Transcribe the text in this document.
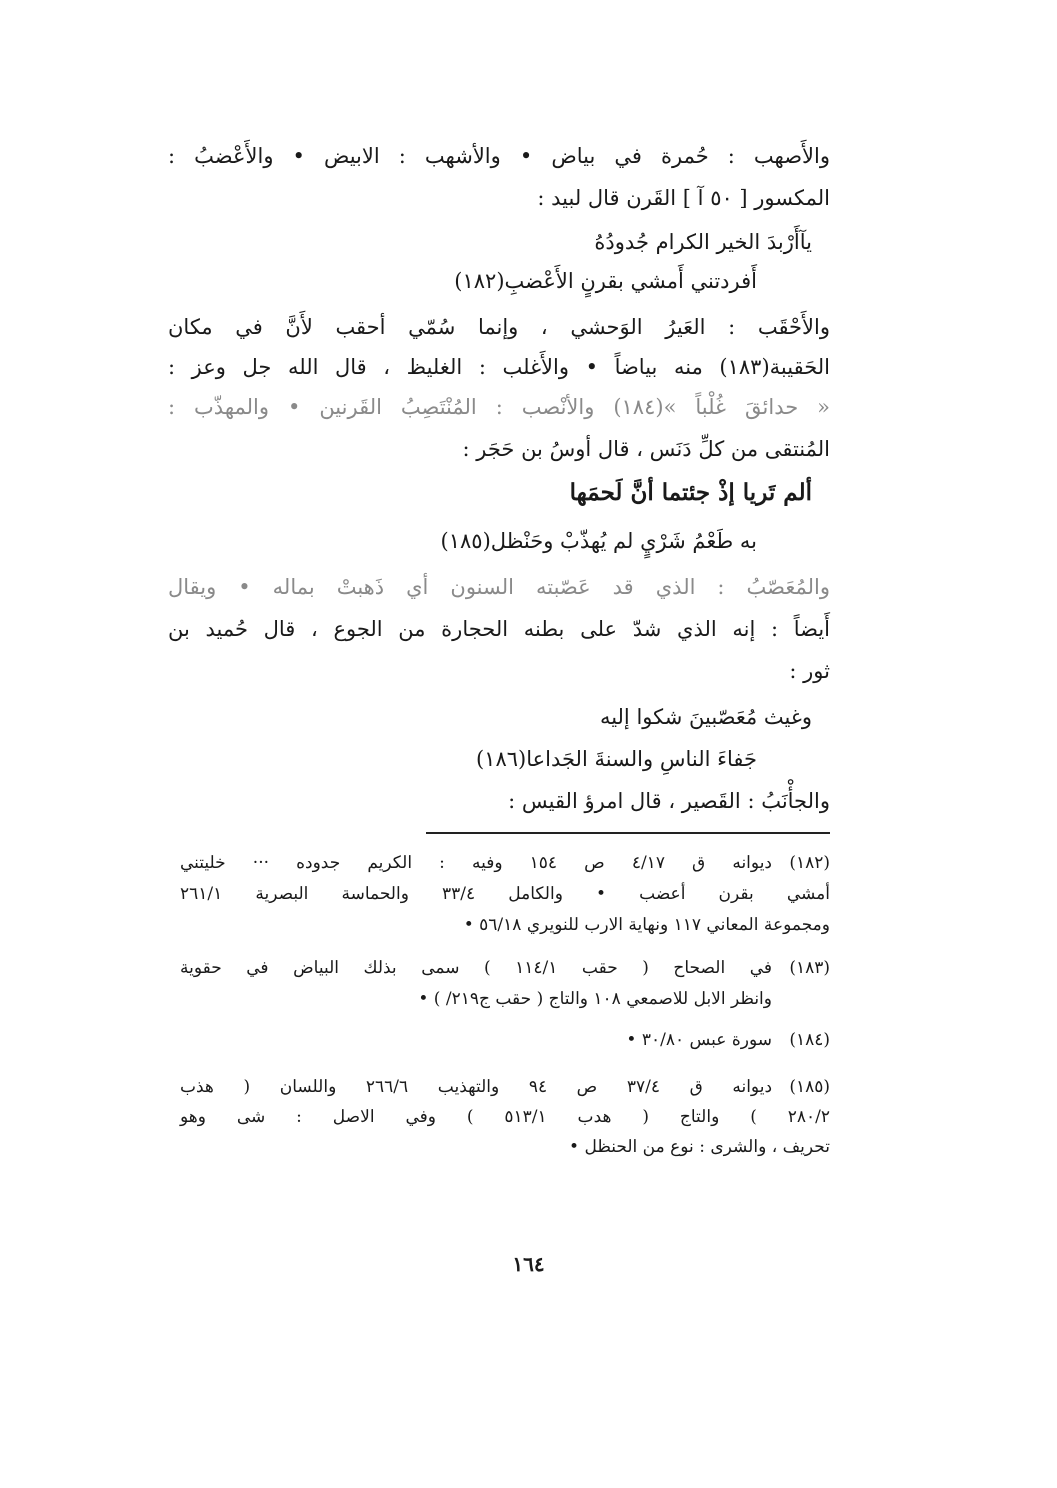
والأَصهب : حُمرة في بياض • والأشهب : الابيض • والأَعْضبُ :
المكسور [ ٥٠ آ ] القَرن قال لبيد :
يآأَرْبدَ الخير الكرام جُدودُهُ
أَفردتني أَمشي بقرنٍ الأَعْضبِ(١٨٢)
والأَحْقَب : العَيرُ الوَحشي ، وإنما سُمّي أحقب لأَنَّ في مكان
الحَقيبة(١٨٣) منه بياضاً • والأَغلب : الغليظ ، قال الله جل وعز :
« حدائقَ غُلْباً »(١٨٤) والأنْصب : المُنْتَصِبُ القَرنين • والمهذّب :
المُنتقى من كلِّ دَنَس ، قال أوسُ بن حَجَر :
ألم تَريا إذْ جئتما أنَّ لَحمَها
به طَعْمُ شَرْيٍ لم يُهذّبْ وحَنْظل(١٨٥)
والمُعَصّبُ : الذي قد عَصّبته السنون أي ذَهبتْ بماله • ويقال
أَيضاً : إنه الذي شدّ على بطنه الحجارة من الجوع ، قال حُميد بن
ثور :
وغيث مُعَصّبينَ شكوا إليه
جَفاءَ الناسِ والسنةَ الجَداعا(١٨٦)
والجأْنَبُ : القَصير ، قال امرؤ القيس :
(١٨٢)
ديوانه ق ٤/١٧ ص ١٥٤ وفيه : الكريم جدوده ··· خليتني
أمشي بقرن أعضب • والكامل ٣٣/٤ والحماسة البصرية ٢٦١/١
ومجموعة المعاني ١١٧ ونهاية الارب للنويري ٥٦/١٨ •
(١٨٣)
في الصحاح ( حقب ١١٤/١ ) سمى بذلك البياض في حقوية
وانظر الابل للاصمعي ١٠٨ والتاج ( حقب ج٢١٩/ ) •
(١٨٤)
سورة عبس ٣٠/٨٠ •
(١٨٥)
ديوانه ق ٣٧/٤ ص ٩٤ والتهذيب ٢٦٦/٦ واللسان ( هذب
٢٨٠/٢ ) والتاج ( هدب ٥١٣/١ ) وفي الاصل : شى وهو
تحريف ، والشرى : نوع من الحنظل •
١٦٤
